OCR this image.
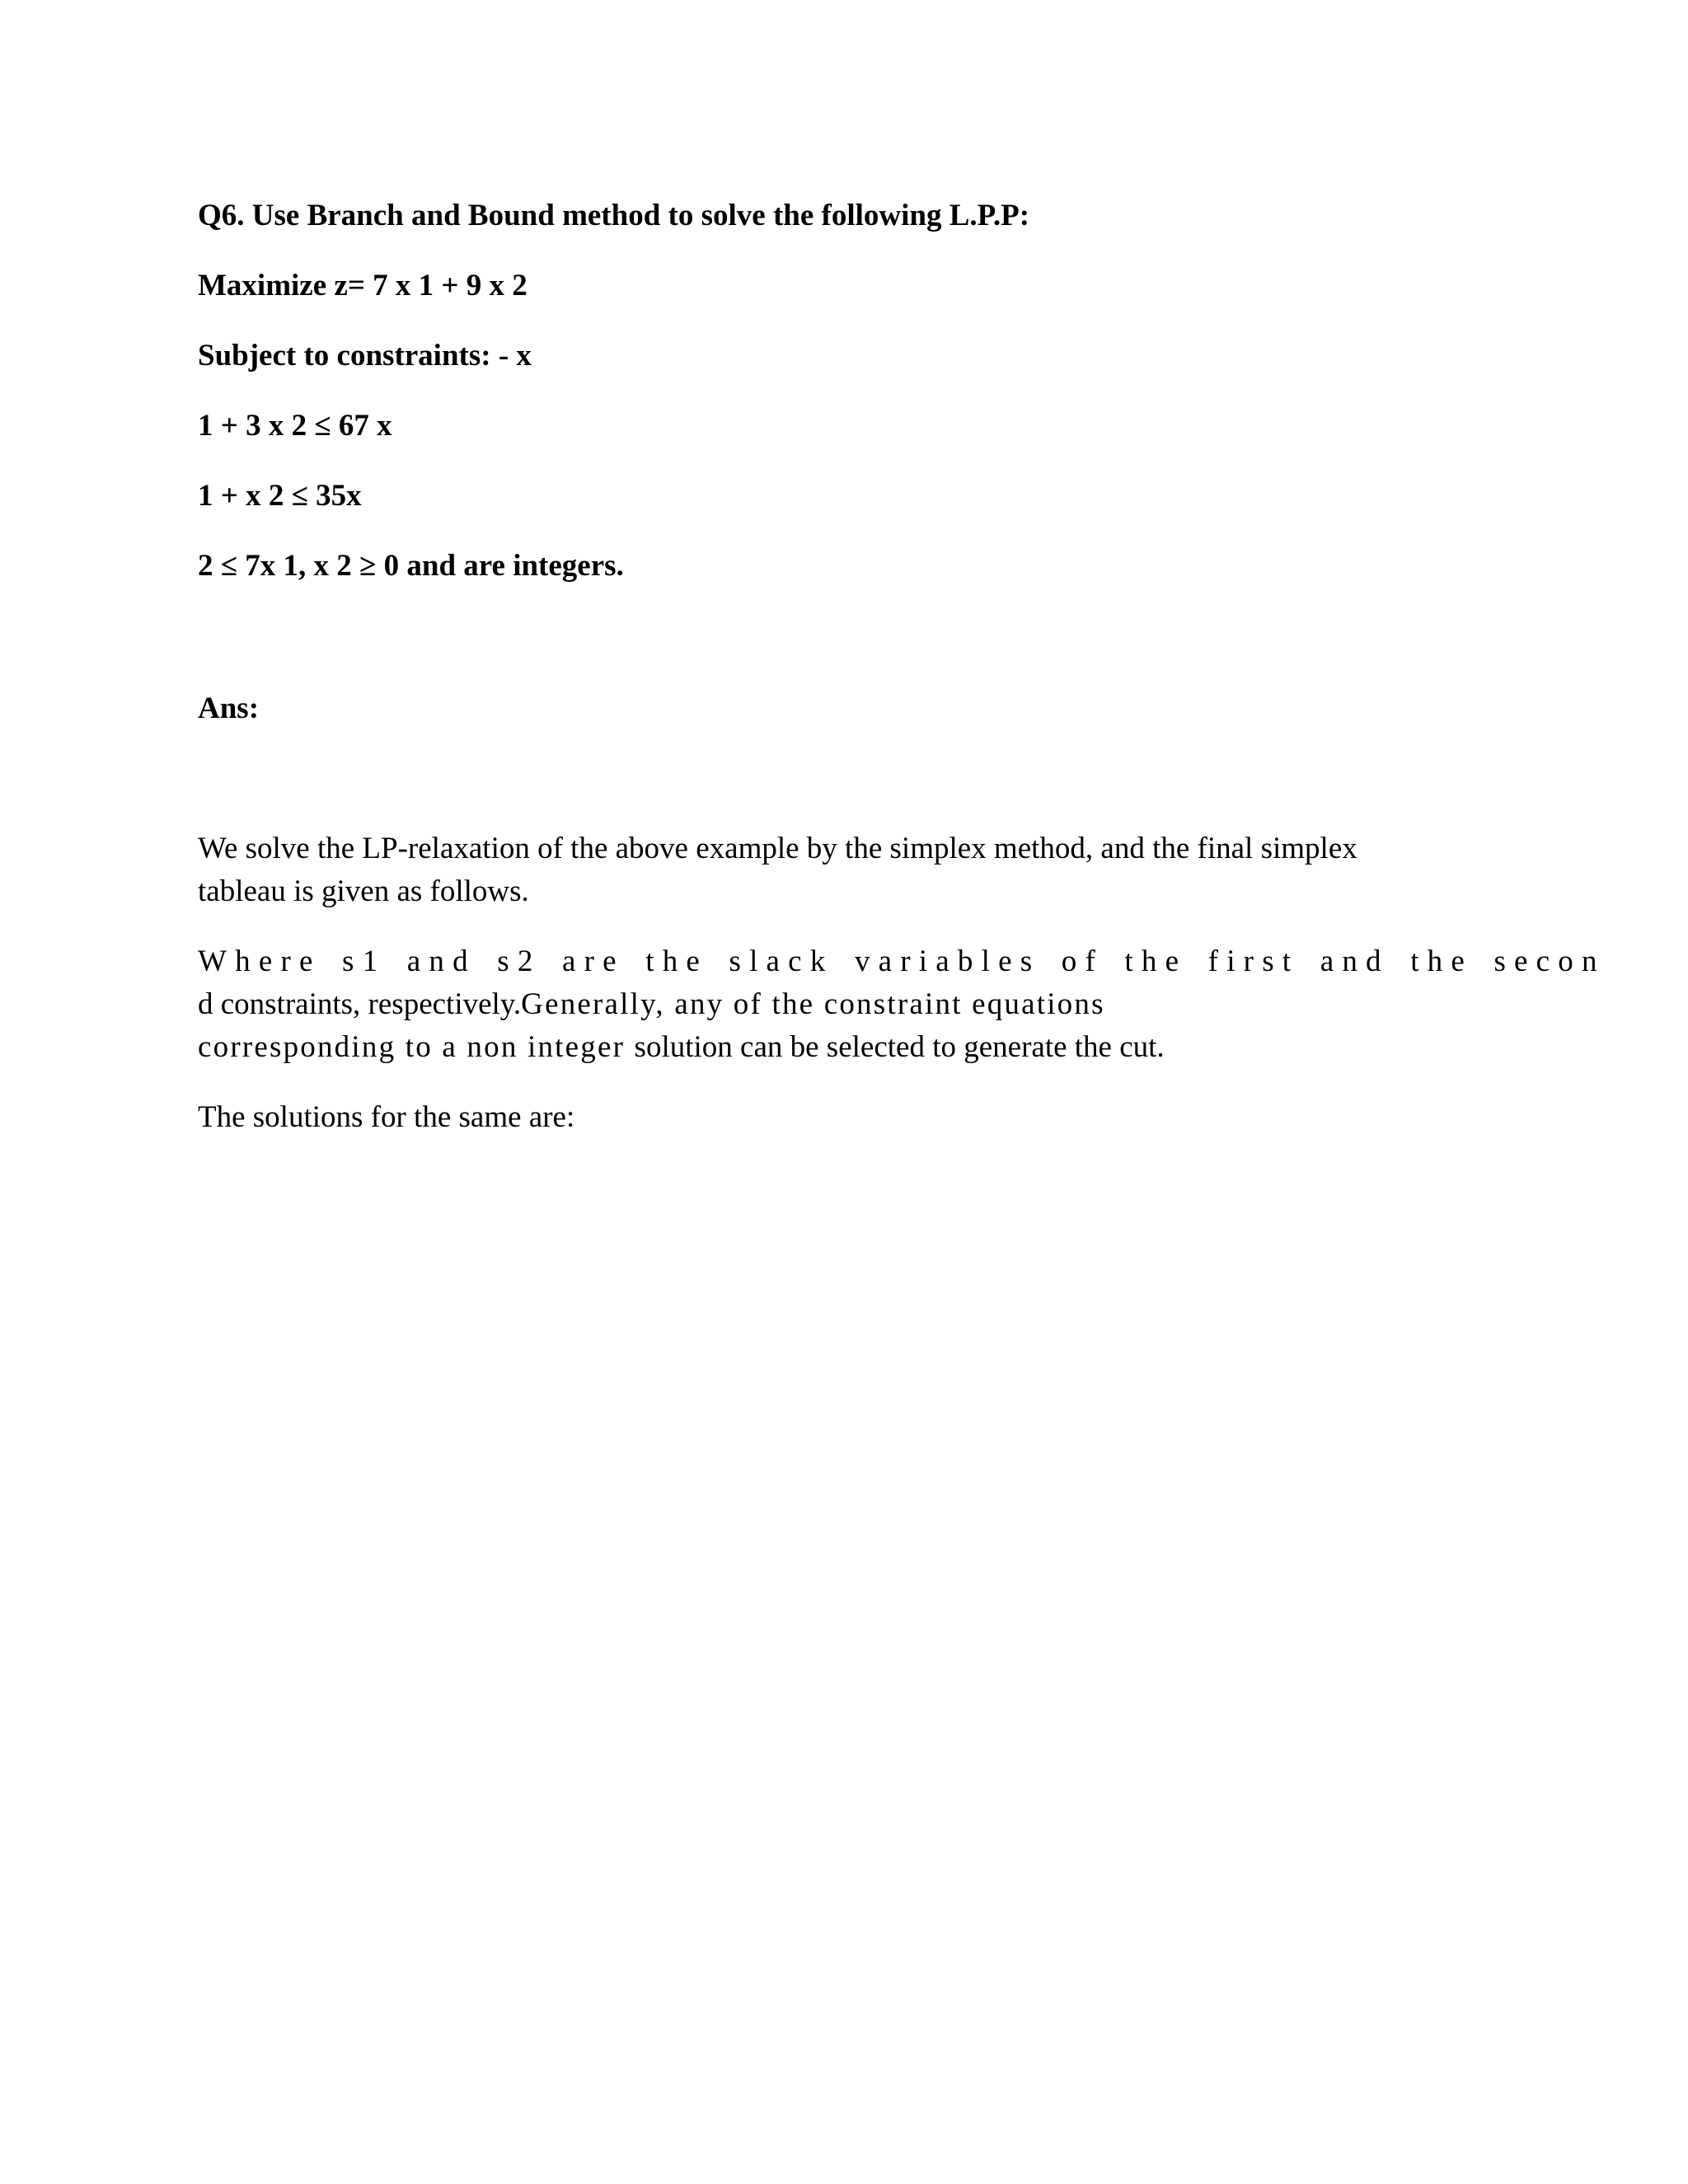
Q6. Use Branch and Bound method to solve the following L.P.P:
Maximize z= 7 x 1 + 9 x 2
Subject to constraints: - x
1 + 3 x 2 ≤ 67 x
1 + x 2 ≤ 35x
2 ≤ 7x 1, x 2 ≥ 0 and are integers.
Ans:
We solve the LP-relaxation of the above example by the simplex method, and the final simplex
tableau is given as follows.
Where s1 and s2 are the slack variables of the first and the secon
d constraints, respectively.Generally, any of the constraint equations
corresponding to a non integer solution can be selected to generate the cut.
The solutions for the same are:
